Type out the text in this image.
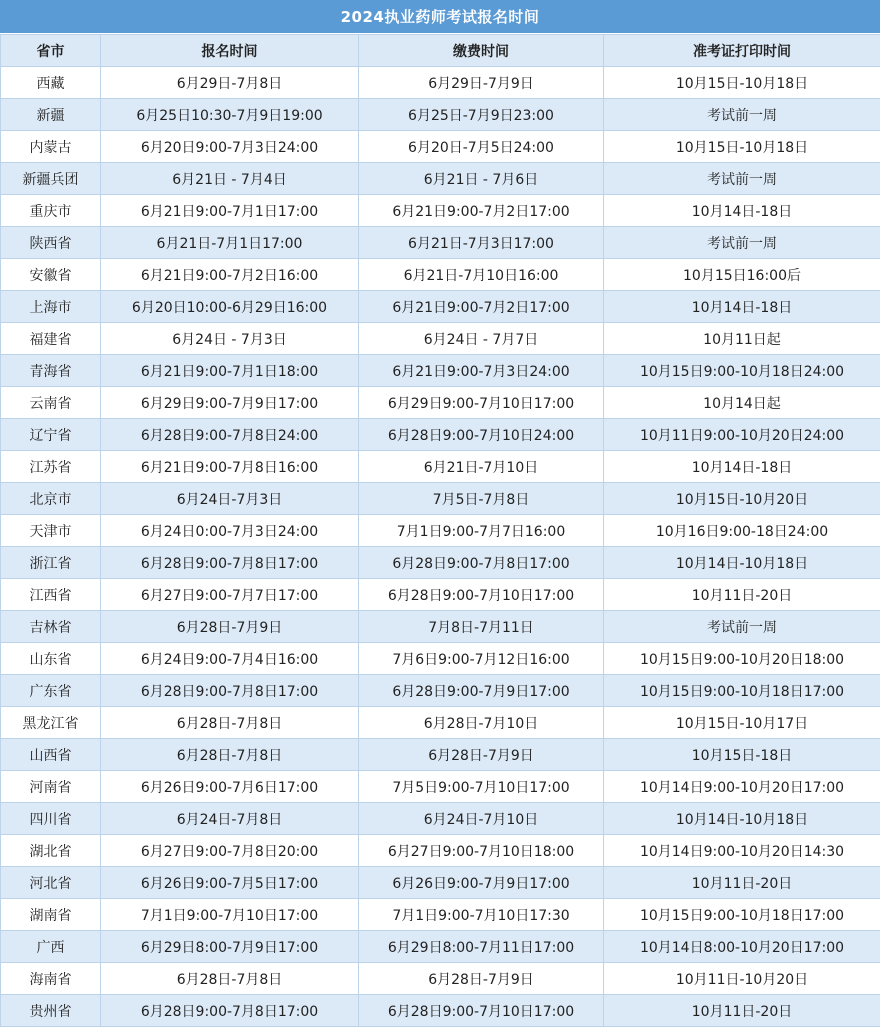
2024执业药师考试报名时间
省市	报名时间	缴费时间	准考证打印时间
西藏	6月29日-7月8日	6月29日-7月9日	10月15日-10月18日
新疆	6月25日10:30-7月9日19:00	6月25日-7月9日23:00	考试前一周
内蒙古	6月20日9:00-7月3日24:00	6月20日-7月5日24:00	10月15日-10月18日
新疆兵团	6月21日 - 7月4日	6月21日 - 7月6日	考试前一周
重庆市	6月21日9:00-7月1日17:00	6月21日9:00-7月2日17:00	10月14日-18日
陕西省	6月21日-7月1日17:00	6月21日-7月3日17:00	考试前一周
安徽省	6月21日9:00-7月2日16:00	6月21日-7月10日16:00	10月15日16:00后
上海市	6月20日10:00-6月29日16:00	6月21日9:00-7月2日17:00	10月14日-18日
福建省	6月24日 - 7月3日	6月24日 - 7月7日	10月11日起
青海省	6月21日9:00-7月1日18:00	6月21日9:00-7月3日24:00	10月15日9:00-10月18日24:00
云南省	6月29日9:00-7月9日17:00	6月29日9:00-7月10日17:00	10月14日起
辽宁省	6月28日9:00-7月8日24:00	6月28日9:00-7月10日24:00	10月11日9:00-10月20日24:00
江苏省	6月21日9:00-7月8日16:00	6月21日-7月10日	10月14日-18日
北京市	6月24日-7月3日	7月5日-7月8日	10月15日-10月20日
天津市	6月24日0:00-7月3日24:00	7月1日9:00-7月7日16:00	10月16日9:00-18日24:00
浙江省	6月28日9:00-7月8日17:00	6月28日9:00-7月8日17:00	10月14日-10月18日
江西省	6月27日9:00-7月7日17:00	6月28日9:00-7月10日17:00	10月11日-20日
吉林省	6月28日-7月9日	7月8日-7月11日	考试前一周
山东省	6月24日9:00-7月4日16:00	7月6日9:00-7月12日16:00	10月15日9:00-10月20日18:00
广东省	6月28日9:00-7月8日17:00	6月28日9:00-7月9日17:00	10月15日9:00-10月18日17:00
黑龙江省	6月28日-7月8日	6月28日-7月10日	10月15日-10月17日
山西省	6月28日-7月8日	6月28日-7月9日	10月15日-18日
河南省	6月26日9:00-7月6日17:00	7月5日9:00-7月10日17:00	10月14日9:00-10月20日17:00
四川省	6月24日-7月8日	6月24日-7月10日	10月14日-10月18日
湖北省	6月27日9:00-7月8日20:00	6月27日9:00-7月10日18:00	10月14日9:00-10月20日14:30
河北省	6月26日9:00-7月5日17:00	6月26日9:00-7月9日17:00	10月11日-20日
湖南省	7月1日9:00-7月10日17:00	7月1日9:00-7月10日17:30	10月15日9:00-10月18日17:00
广西	6月29日8:00-7月9日17:00	6月29日8:00-7月11日17:00	10月14日8:00-10月20日17:00
海南省	6月28日-7月8日	6月28日-7月9日	10月11日-10月20日
贵州省	6月28日9:00-7月8日17:00	6月28日9:00-7月10日17:00	10月11日-20日
